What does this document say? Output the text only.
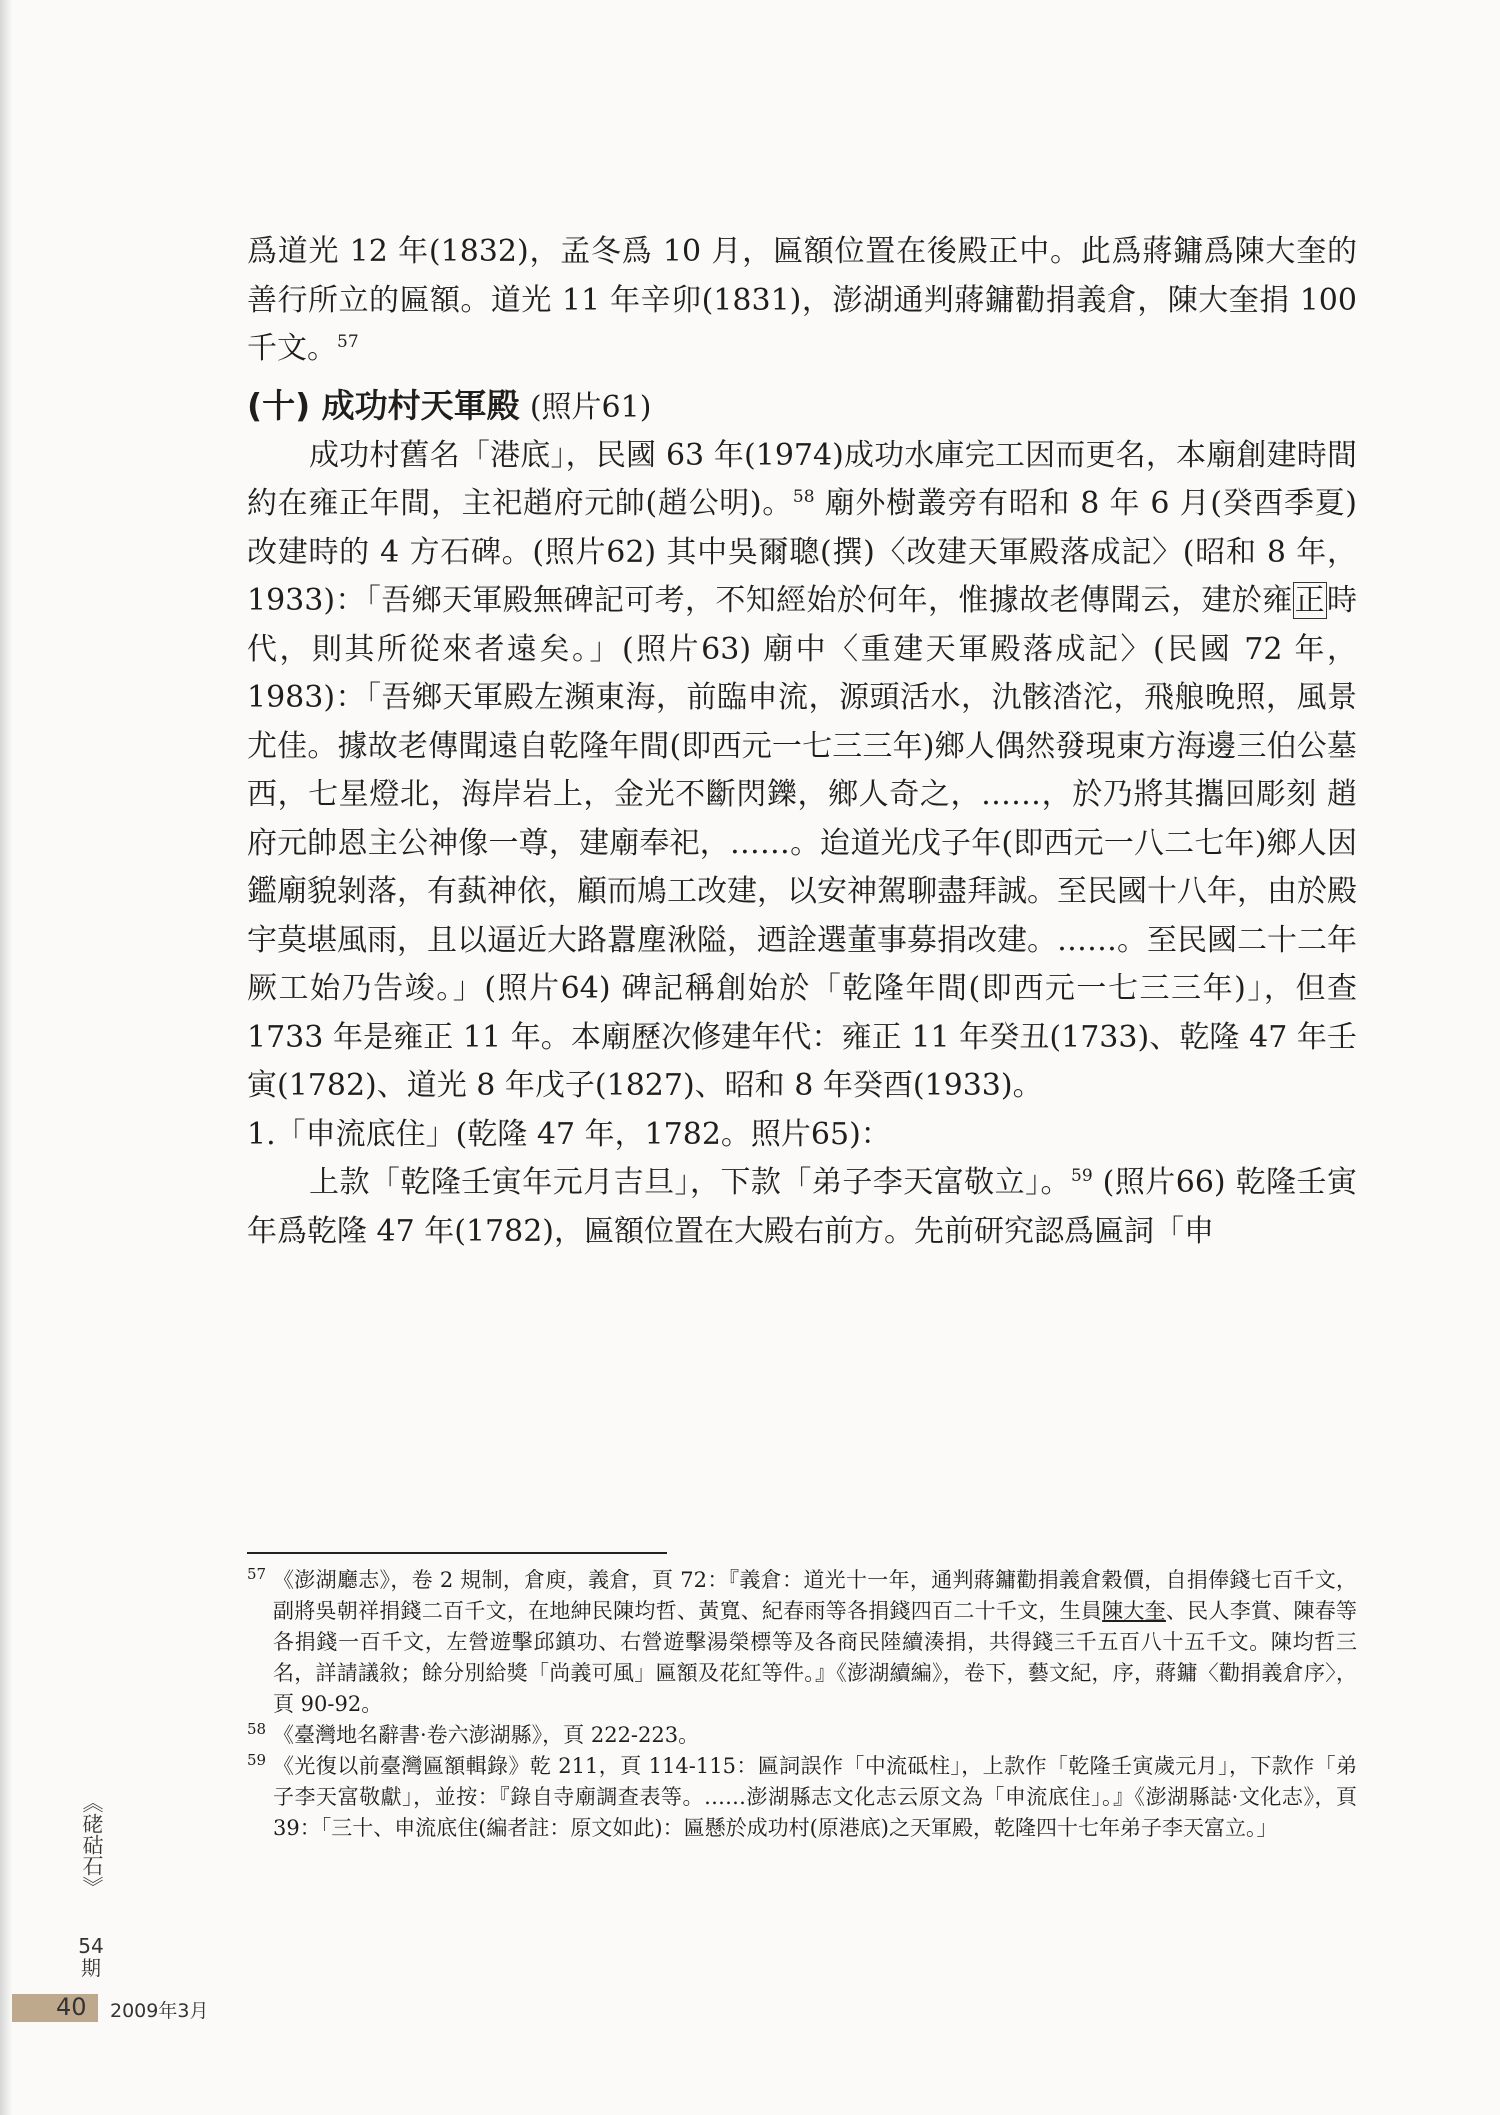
爲道光 12 年(1832)，孟冬爲 10 月，匾額位置在後殿正中。此爲蔣鏞爲陳大奎的善行所立的匾額。道光 11 年辛卯(1831)，澎湖通判蔣鏞勸捐義倉，陳大奎捐 100 千文。$^{57}$

(十) 成功村天軍殿 (照片61)

成功村舊名「港底」，民國 63 年(1974)成功水庫完工因而更名，本廟創建時間約在雍正年間，主祀趙府元帥(趙公明)。$^{58}$ 廟外樹叢旁有昭和 8 年 6 月(癸酉季夏)改建時的 4 方石碑。(照片62) 其中吳爾聰(撰)〈改建天軍殿落成記〉(昭和 8 年，1933)：「吾鄉天軍殿無碑記可考，不知經始於何年，惟據故老傳聞云，建於雍正時代，則其所從來者遠矣。」(照片63) 廟中〈重建天軍殿落成記〉(民國 72 年，1983)：「吾鄉天軍殿左瀕東海，前臨申流，源頭活水，氿骸涾沱，飛艆晚照，風景尤佳。據故老傳聞遠自乾隆年間(即西元一七三三年)鄉人偶然發現東方海邊三伯公墓西，七星燈北，海岸岩上，金光不斷閃鑠，鄉人奇之，……，於乃將其攜回彫刻 趙府元帥恩主公神像一尊，建廟奉祀，……。迨道光戊子年(即西元一八二七年)鄉人因鑑廟貌剝落，有蓺神依，顧而鳩工改建，以安神駕聊盡拜誠。至民國十八年，由於殿宇莫堪風雨，且以逼近大路囂塵湫隘，迺詮選董事募捐改建。……。至民國二十二年厥工始乃告竣。」(照片64) 碑記稱創始於「乾隆年間(即西元一七三三年)」，但查 1733 年是雍正 11 年。本廟歷次修建年代：雍正 11 年癸丑(1733)、乾隆 47 年壬寅(1782)、道光 8 年戊子(1827)、昭和 8 年癸酉(1933)。

1.「申流底住」(乾隆 47 年，1782。照片65)：

上款「乾隆壬寅年元月吉旦」，下款「弟子李天富敬立」。$^{59}$ (照片66) 乾隆壬寅年爲乾隆 47 年(1782)，匾額位置在大殿右前方。先前研究認爲匾詞「申

57 《澎湖廳志》，卷 2 規制，倉庾，義倉，頁 72：『義倉：道光十一年，通判蔣鏞勸捐義倉穀價，自捐俸錢七百千文，副將吳朝祥捐錢二百千文，在地紳民陳均哲、黃寬、紀春雨等各捐錢四百二十千文，生員陳大奎、民人李賞、陳春等各捐錢一百千文，左營遊擊邱鎮功、右營遊擊湯榮標等及各商民陸續湊捐，共得錢三千五百八十五千文。陳均哲三名，詳請議敘；餘分別給獎「尚義可風」匾額及花紅等件。』《澎湖續編》，卷下，藝文紀，序，蔣鏞〈勸捐義倉序〉，頁 90-92。

58 《臺灣地名辭書·卷六澎湖縣》，頁 222-223。

59 《光復以前臺灣匾額輯錄》乾 211，頁 114-115：匾詞誤作「中流砥柱」，上款作「乾隆壬寅歲元月」，下款作「弟子李天富敬獻」，並按：『錄自寺廟調查表等。……澎湖縣志文化志云原文為「申流底住」。』《澎湖縣誌·文化志》，頁 39：「三十、申流底住(編者註：原文如此)：匾懸於成功村(原港底)之天軍殿，乾隆四十七年弟子李天富立。」

《硓𥑮石》
54期
40 2009年3月
